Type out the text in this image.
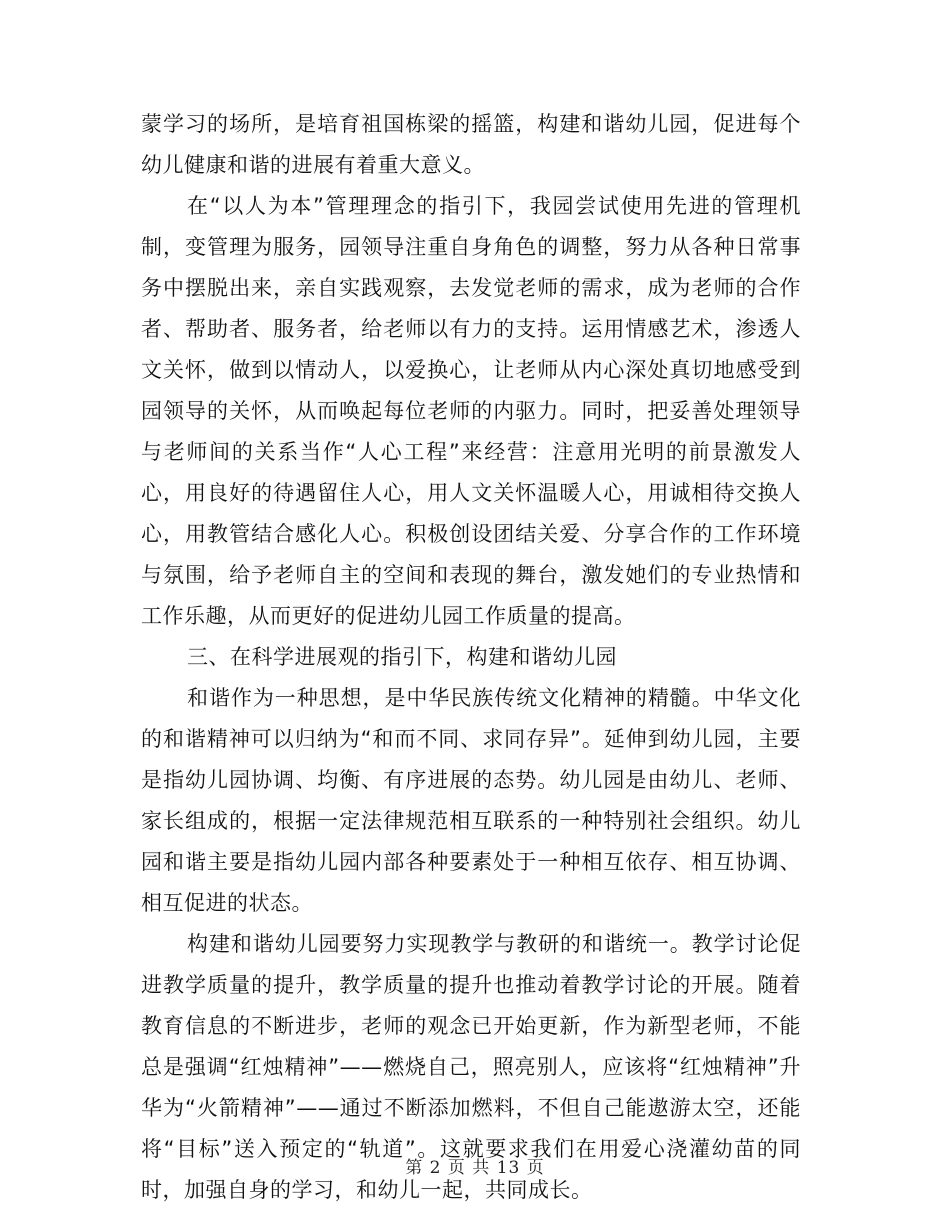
蒙学习的场所，是培育祖国栋梁的摇篮，构建和谐幼儿园，促进每个幼儿健康和谐的进展有着重大意义。

在“以人为本”管理理念的指引下，我园尝试使用先进的管理机制，变管理为服务，园领导注重自身角色的调整，努力从各种日常事务中摆脱出来，亲自实践观察，去发觉老师的需求，成为老师的合作者、帮助者、服务者，给老师以有力的支持。运用情感艺术，渗透人文关怀，做到以情动人，以爱换心，让老师从内心深处真切地感受到园领导的关怀，从而唤起每位老师的内驱力。同时，把妥善处理领导与老师间的关系当作“人心工程”来经营：注意用光明的前景激发人心，用良好的待遇留住人心，用人文关怀温暖人心，用诚相待交换人心，用教管结合感化人心。积极创设团结关爱、分享合作的工作环境与氛围，给予老师自主的空间和表现的舞台，激发她们的专业热情和工作乐趣，从而更好的促进幼儿园工作质量的提高。

三、在科学进展观的指引下，构建和谐幼儿园

和谐作为一种思想，是中华民族传统文化精神的精髓。中华文化的和谐精神可以归纳为“和而不同、求同存异”。延伸到幼儿园，主要是指幼儿园协调、均衡、有序进展的态势。幼儿园是由幼儿、老师、家长组成的，根据一定法律规范相互联系的一种特别社会组织。幼儿园和谐主要是指幼儿园内部各种要素处于一种相互依存、相互协调、相互促进的状态。

构建和谐幼儿园要努力实现教学与教研的和谐统一。教学讨论促进教学质量的提升，教学质量的提升也推动着教学讨论的开展。随着教育信息的不断进步，老师的观念已开始更新，作为新型老师，不能总是强调“红烛精神”——燃烧自己，照亮别人，应该将“红烛精神”升华为“火箭精神”——通过不断添加燃料，不但自己能遨游太空，还能将“目标”送入预定的“轨道”。这就要求我们在用爱心浇灌幼苗的同时，加强自身的学习，和幼儿一起，共同成长。

第 2 页 共 13 页
